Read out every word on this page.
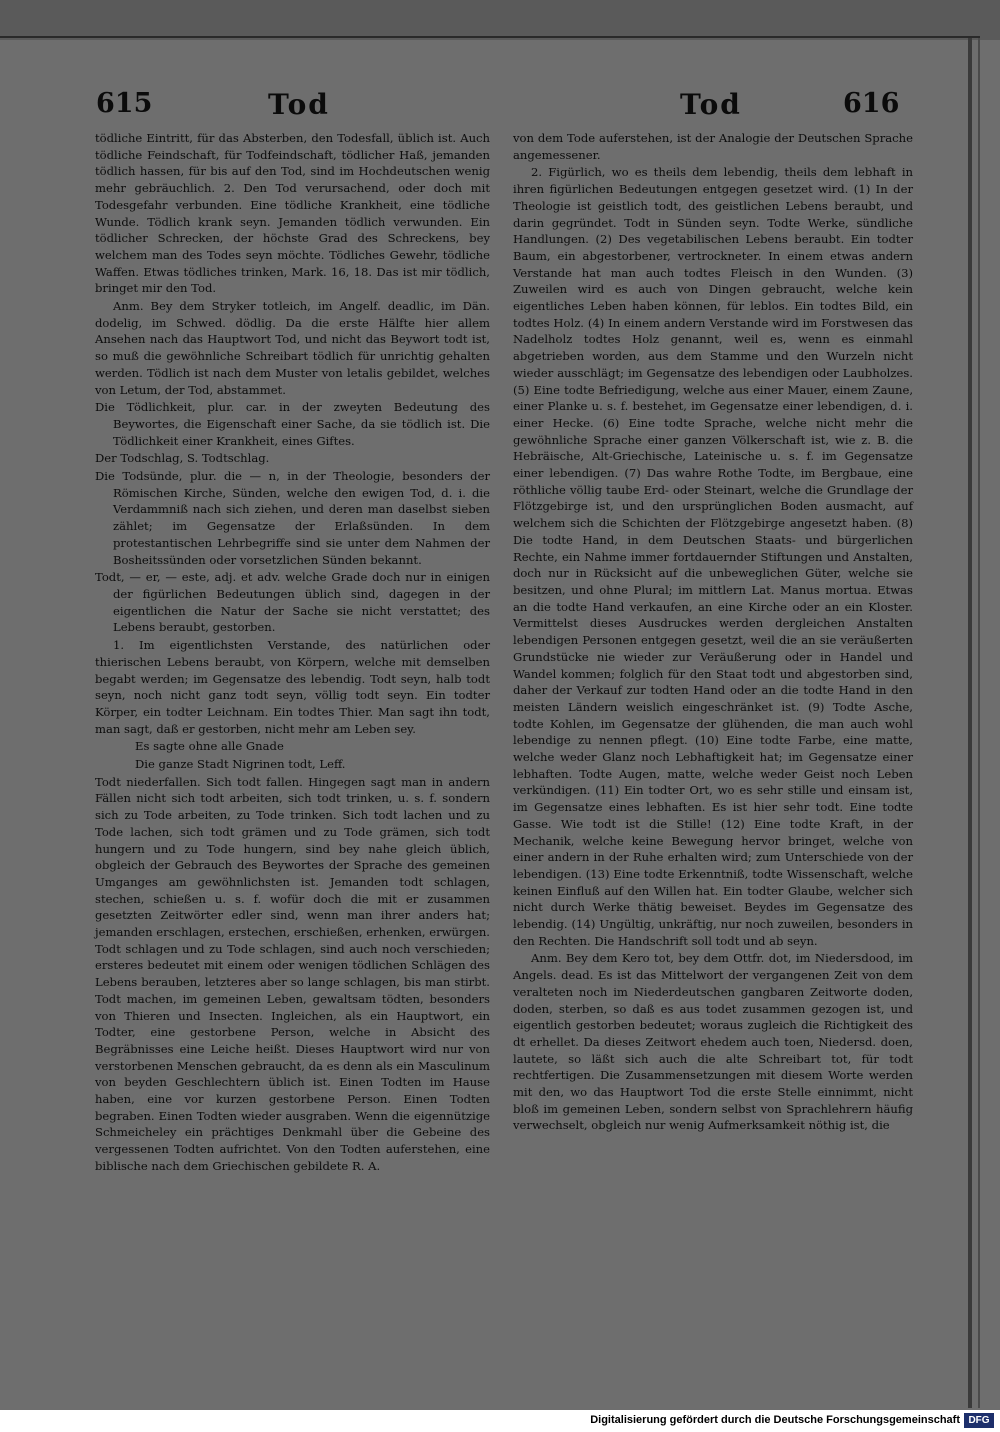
615	Tod	Tod	616

tödliche Eintritt, für das Absterben, den Todesfall, üblich ist. Auch tödliche Feindschaft, für Todfeindschaft, tödlicher Haß, jemanden tödlich hassen, für bis auf den Tod, sind im Hochdeutschen wenig mehr gebräuchlich. 2. Den Tod verursachend, oder doch mit Todesgefahr verbunden. Eine tödliche Krankheit, eine tödliche Wunde. Tödlich krank seyn. Jemanden tödlich verwunden. Ein tödlicher Schrecken, der höchste Grad des Schreckens, bey welchem man des Todes seyn möchte. Tödliches Gewehr, tödliche Waffen. Etwas tödliches trinken, Mark. 16, 18. Das ist mir tödlich, bringet mir den Tod.

Anm. Bey dem Stryker totleich, im Angelf. deadlic, im Dän. dodelig, im Schwed. dödlig. Da die erste Hälfte hier allem Ansehen nach das Hauptwort Tod, und nicht das Beywort todt ist, so muß die gewöhnliche Schreibart tödlich für unrichtig gehalten werden. Tödlich ist nach dem Muster von letalis gebildet, welches von Letum, der Tod, abstammet.

Die Tödlichkeit, plur. car. in der zweyten Bedeutung des Beywortes, die Eigenschaft einer Sache, da sie tödlich ist. Die Tödlichkeit einer Krankheit, eines Giftes.

Der Todschlag, S. Todtschlag.

Die Todsünde, plur. die — n, in der Theologie, besonders der Römischen Kirche, Sünden, welche den ewigen Tod, d. i. die Verdammniß nach sich ziehen, und deren man daselbst sieben zählet; im Gegensatze der Erlaßsünden. In dem protestantischen Lehrbegriffe sind sie unter dem Nahmen der Bosheitssünden oder vorsetzlichen Sünden bekannt.

Todt, — er, — este, adj. et adv. welche Grade doch nur in einigen der figürlichen Bedeutungen üblich sind, dagegen in der eigentlichen die Natur der Sache sie nicht verstattet; des Lebens beraubt, gestorben.

1. Im eigentlichsten Verstande, des natürlichen oder thierischen Lebens beraubt, von Körpern, welche mit demselben begabt werden; im Gegensatze des lebendig. Todt seyn, halb todt seyn, noch nicht ganz todt seyn, völlig todt seyn. Ein todter Körper, ein todter Leichnam. Ein todtes Thier. Man sagt ihn todt, man sagt, daß er gestorben, nicht mehr am Leben sey.

Es sagte ohne alle Gnade

Die ganze Stadt Nigrinen todt, Leff.

Todt niederfallen. Sich todt fallen. Hingegen sagt man in andern Fällen nicht sich todt arbeiten, sich todt trinken, u. s. f. sondern sich zu Tode arbeiten, zu Tode trinken. Sich todt lachen und zu Tode lachen, sich todt grämen und zu Tode grämen, sich todt hungern und zu Tode hungern, sind bey nahe gleich üblich, obgleich der Gebrauch des Beywortes der Sprache des gemeinen Umganges am gewöhnlichsten ist. Jemanden todt schlagen, stechen, schießen u. s. f. wofür doch die mit er zusammen gesetzten Zeitwörter edler sind, wenn man ihrer anders hat; jemanden erschlagen, erstechen, erschießen, erhenken, erwürgen. Todt schlagen und zu Tode schlagen, sind auch noch verschieden; ersteres bedeutet mit einem oder wenigen tödlichen Schlägen des Lebens berauben, letzteres aber so lange schlagen, bis man stirbt. Todt machen, im gemeinen Leben, gewaltsam tödten, besonders von Thieren und Insecten. Ingleichen, als ein Hauptwort, ein Todter, eine gestorbene Person, welche in Absicht des Begräbnisses eine Leiche heißt. Dieses Hauptwort wird nur von verstorbenen Menschen gebraucht, da es denn als ein Masculinum von beyden Geschlechtern üblich ist. Einen Todten im Hause haben, eine vor kurzen gestorbene Person. Einen Todten begraben. Einen Todten wieder ausgraben. Wenn die eigennützige Schmeicheley ein prächtiges Denkmahl über die Gebeine des vergessenen Todten aufrichtet. Von den Todten auferstehen, eine biblische nach dem Griechischen gebildete R. A.

von dem Tode auferstehen, ist der Analogie der Deutschen Sprache angemessener.

2. Figürlich, wo es theils dem lebendig, theils dem lebhaft in ihren figürlichen Bedeutungen entgegen gesetzet wird. (1) In der Theologie ist geistlich todt, des geistlichen Lebens beraubt, und darin gegründet. Todt in Sünden seyn. Todte Werke, sündliche Handlungen. (2) Des vegetabilischen Lebens beraubt. Ein todter Baum, ein abgestorbener, vertrockneter. In einem etwas andern Verstande hat man auch todtes Fleisch in den Wunden. (3) Zuweilen wird es auch von Dingen gebraucht, welche kein eigentliches Leben haben können, für leblos. Ein todtes Bild, ein todtes Holz. (4) In einem andern Verstande wird im Forstwesen das Nadelholz todtes Holz genannt, weil es, wenn es einmahl abgetrieben worden, aus dem Stamme und den Wurzeln nicht wieder ausschlägt; im Gegensatze des lebendigen oder Laubholzes. (5) Eine todte Befriedigung, welche aus einer Mauer, einem Zaune, einer Planke u. s. f. bestehet, im Gegensatze einer lebendigen, d. i. einer Hecke. (6) Eine todte Sprache, welche nicht mehr die gewöhnliche Sprache einer ganzen Völkerschaft ist, wie z. B. die Hebräische, Alt-Griechische, Lateinische u. s. f. im Gegensatze einer lebendigen. (7) Das wahre Rothe Todte, im Bergbaue, eine röthliche völlig taube Erd- oder Steinart, welche die Grundlage der Flötzgebirge ist, und den ursprünglichen Boden ausmacht, auf welchem sich die Schichten der Flötzgebirge angesetzt haben. (8) Die todte Hand, in dem Deutschen Staats- und bürgerlichen Rechte, ein Nahme immer fortdauernder Stiftungen und Anstalten, doch nur in Rücksicht auf die unbeweglichen Güter, welche sie besitzen, und ohne Plural; im mittlern Lat. Manus mortua. Etwas an die todte Hand verkaufen, an eine Kirche oder an ein Kloster. Vermittelst dieses Ausdruckes werden dergleichen Anstalten lebendigen Personen entgegen gesetzt, weil die an sie veräußerten Grundstücke nie wieder zur Veräußerung oder in Handel und Wandel kommen; folglich für den Staat todt und abgestorben sind, daher der Verkauf zur todten Hand oder an die todte Hand in den meisten Ländern weislich eingeschränket ist. (9) Todte Asche, todte Kohlen, im Gegensatze der glühenden, die man auch wohl lebendige zu nennen pflegt. (10) Eine todte Farbe, eine matte, welche weder Glanz noch Lebhaftigkeit hat; im Gegensatze einer lebhaften. Todte Augen, matte, welche weder Geist noch Leben verkündigen. (11) Ein todter Ort, wo es sehr stille und einsam ist, im Gegensatze eines lebhaften. Es ist hier sehr todt. Eine todte Gasse. Wie todt ist die Stille! (12) Eine todte Kraft, in der Mechanik, welche keine Bewegung hervor bringet, welche von einer andern in der Ruhe erhalten wird; zum Unterschiede von der lebendigen. (13) Eine todte Erkenntniß, todte Wissenschaft, welche keinen Einfluß auf den Willen hat. Ein todter Glaube, welcher sich nicht durch Werke thätig beweiset. Beydes im Gegensatze des lebendig. (14) Ungültig, unkräftig, nur noch zuweilen, besonders in den Rechten. Die Handschrift soll todt und ab seyn.

Anm. Bey dem Kero tot, bey dem Ottfr. dot, im Niedersdood, im Angels. dead. Es ist das Mittelwort der vergangenen Zeit von dem veralteten noch im Niederdeutschen gangbaren Zeitworte doden, doden, sterben, so daß es aus todet zusammen gezogen ist, und eigentlich gestorben bedeutet; woraus zugleich die Richtigkeit des dt erhellet. Da dieses Zeitwort ehedem auch toen, Niedersd. doen, lautete, so läßt sich auch die alte Schreibart tot, für todt rechtfertigen. Die Zusammensetzungen mit diesem Worte werden mit den, wo das Hauptwort Tod die erste Stelle einnimmt, nicht bloß im gemeinen Leben, sondern selbst von Sprachlehrern häufig verwechselt, obgleich nur wenig Aufmerksamkeit nöthig ist, die

Digitalisierung gefördert durch die Deutsche Forschungsgemeinschaft DFG
